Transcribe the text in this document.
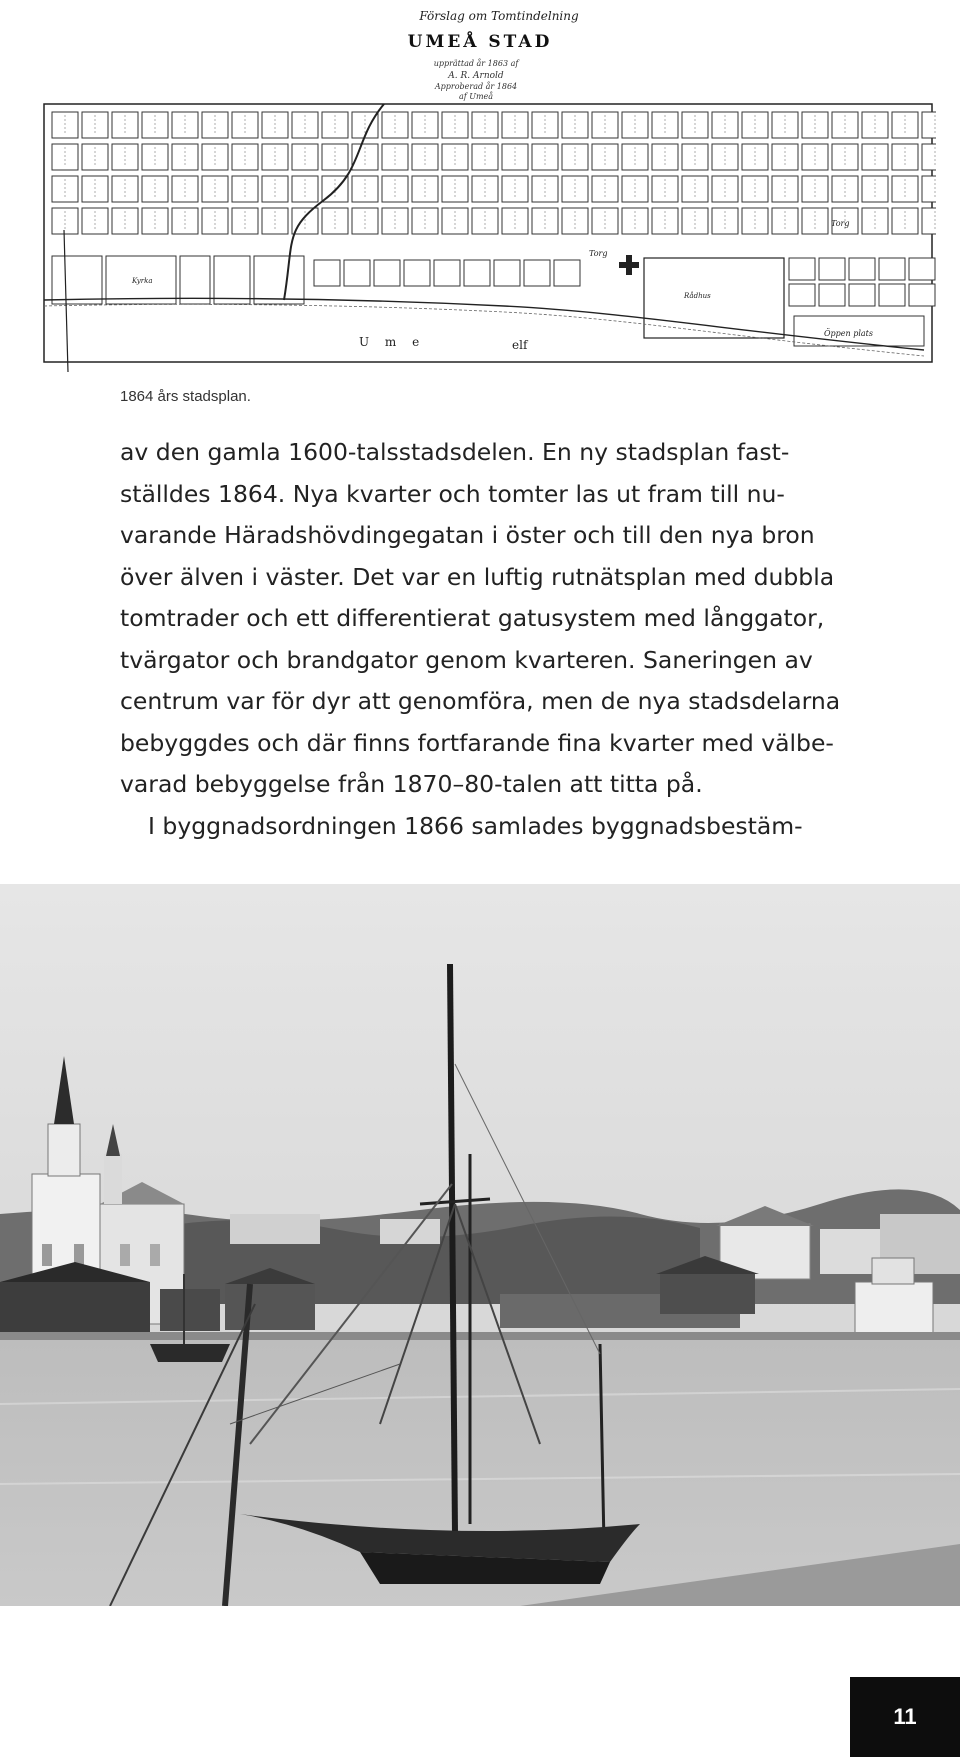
Förslag om Tomtindelning
UMEÅ STAD
upprättad år 1863 af
A. R. Arnold
Approberad år 1864
af Umeå
Torg
Torg
U m e	elf
Öppen plats
Rådhus
Kyrka
1864 års stadsplan.
av den gamla 1600-talsstadsdelen. En ny stadsplan fast-
ställdes 1864. Nya kvarter och tomter las ut fram till nu-
varande Häradshövdingegatan i öster och till den nya bron
över älven i väster. Det var en luftig rutnätsplan med dubbla
tomtrader och ett differentierat gatusystem med långgator,
tvärgator och brandgator genom kvarteren. Saneringen av
centrum var för dyr att genomföra, men de nya stadsdelarna
bebyggdes och där finns fortfarande fina kvarter med välbe-
varad bebyggelse från 1870–80-talen att titta på.
I byggnadsordningen 1866 samlades byggnadsbestäm-
11
